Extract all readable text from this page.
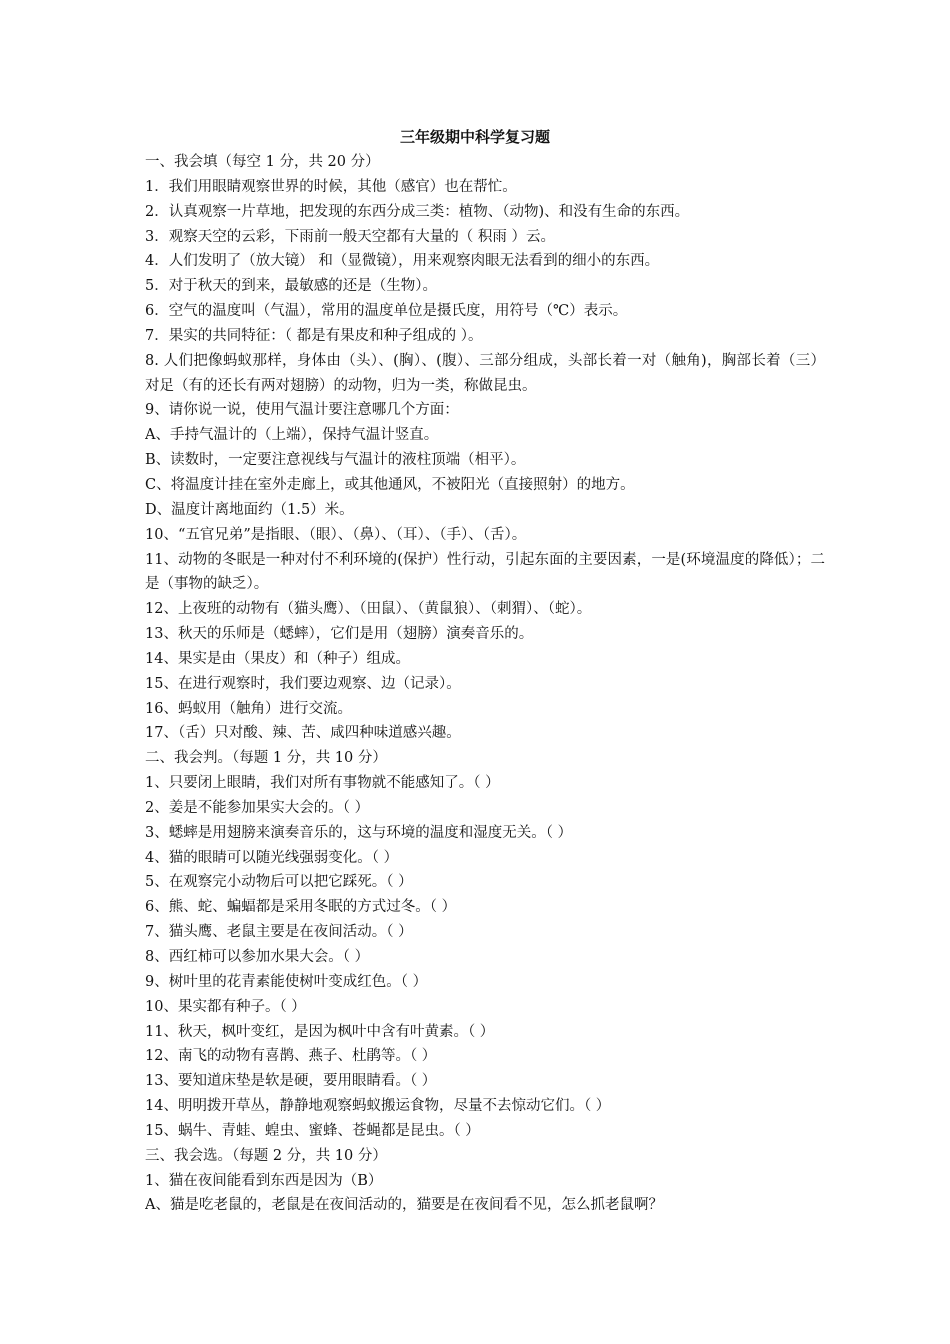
三年级期中科学复习题
一、我会填（每空 1 分，共 20 分）
1．我们用眼睛观察世界的时候，其他（感官）也在帮忙。
2．认真观察一片草地，把发现的东西分成三类：植物、（动物)、和没有生命的东西。
3．观察天空的云彩，下雨前一般天空都有大量的（ 积雨 ）云。
4．人们发明了（放大镜） 和（显微镜），用来观察肉眼无法看到的细小的东西。
5．对于秋天的到来，最敏感的还是（生物）。
6．空气的温度叫（气温），常用的温度单位是摄氏度，用符号（℃）表示。
7．果实的共同特征：（ 都是有果皮和种子组成的 ）。
8. 人们把像蚂蚁那样，身体由（头）、(胸）、(腹）、三部分组成，头部长着一对（触角)，胸部长着（三）对足（有的还长有两对翅膀）的动物，归为一类，称做昆虫。
9、请你说一说，使用气温计要注意哪几个方面：
A、手持气温计的（上端），保持气温计竖直。
B、读数时，一定要注意视线与气温计的液柱顶端（相平）。
C、将温度计挂在室外走廊上，或其他通风，不被阳光（直接照射）的地方。
D、温度计离地面约（1.5）米。
10、“五官兄弟”是指眼、（眼）、（鼻）、（耳）、（手）、（舌）。
11、动物的冬眠是一种对付不利环境的(保护）性行动，引起东面的主要因素，一是(环境温度的降低）；二是（事物的缺乏）。
12、上夜班的动物有（猫头鹰）、（田鼠）、（黄鼠狼）、（刺猬）、（蛇）。
13、秋天的乐师是（蟋蟀），它们是用（翅膀）演奏音乐的。
14、果实是由（果皮）和（种子）组成。
15、在进行观察时，我们要边观察、边（记录）。
16、蚂蚁用（触角）进行交流。
17、（舌）只对酸、辣、苦、咸四种味道感兴趣。
二、我会判。（每题 1 分，共 10 分）
1、只要闭上眼睛，我们对所有事物就不能感知了。（ ）
2、姜是不能参加果实大会的。（ ）
3、蟋蟀是用翅膀来演奏音乐的，这与环境的温度和湿度无关。（ ）
4、猫的眼睛可以随光线强弱变化。（ ）
5、在观察完小动物后可以把它踩死。（ ）
6、熊、蛇、蝙蝠都是采用冬眠的方式过冬。（ ）
7、猫头鹰、老鼠主要是在夜间活动。（ ）
8、西红柿可以参加水果大会。（ ）
9、树叶里的花青素能使树叶变成红色。（ ）
10、果实都有种子。（ ）
11、秋天，枫叶变红，是因为枫叶中含有叶黄素。（ ）
12、南飞的动物有喜鹊、燕子、杜鹃等。（ ）
13、要知道床垫是软是硬，要用眼睛看。（ ）
14、明明拨开草丛，静静地观察蚂蚁搬运食物，尽量不去惊动它们。（ ）
15、蜗牛、青蛙、蝗虫、蜜蜂、苍蝇都是昆虫。（ ）
三、我会选。（每题 2 分，共 10 分）
1、猫在夜间能看到东西是因为（B）
A、猫是吃老鼠的，老鼠是在夜间活动的，猫要是在夜间看不见，怎么抓老鼠啊？
